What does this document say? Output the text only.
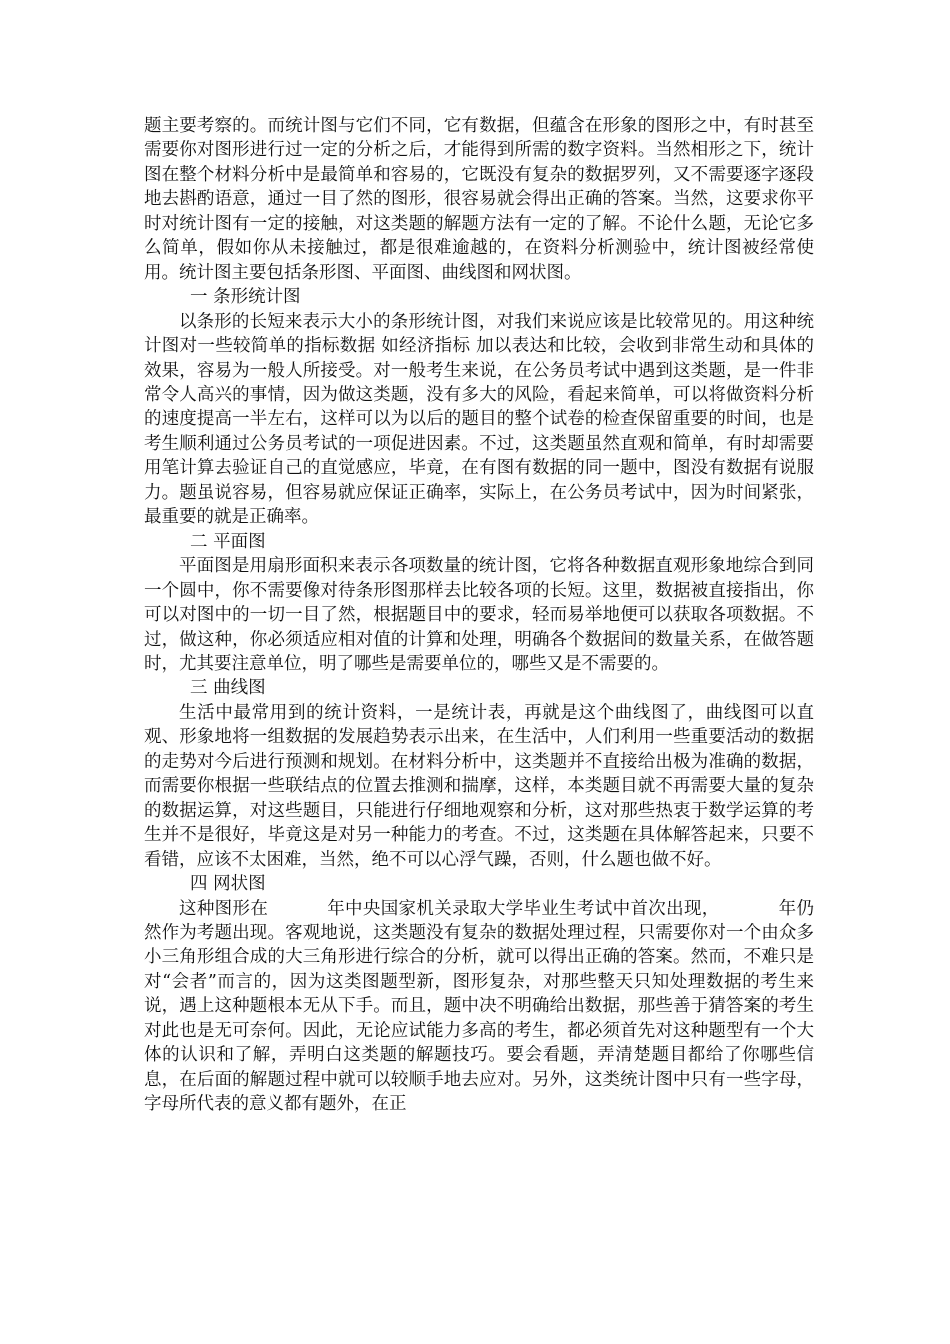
题主要考察的。而统计图与它们不同，它有数据，但蕴含在形象的图形之中，有时甚至需要你对图形进行过一定的分析之后，才能得到所需的数字资料。当然相形之下，统计图在整个材料分析中是最简单和容易的，它既没有复杂的数据罗列，又不需要逐字逐段地去斟酌语意，通过一目了然的图形，很容易就会得出正确的答案。当然，这要求你平时对统计图有一定的接触，对这类题的解题方法有一定的了解。不论什么题，无论它多么简单，假如你从未接触过，都是很难逾越的，在资料分析测验中，统计图被经常使用。统计图主要包括条形图、平面图、曲线图和网状图。

一 条形统计图

以条形的长短来表示大小的条形统计图，对我们来说应该是比较常见的。用这种统计图对一些较简单的指标数据 如经济指标 加以表达和比较，会收到非常生动和具体的效果，容易为一般人所接受。对一般考生来说，在公务员考试中遇到这类题，是一件非常令人高兴的事情，因为做这类题，没有多大的风险，看起来简单，可以将做资料分析的速度提高一半左右，这样可以为以后的题目的整个试卷的检查保留重要的时间，也是考生顺利通过公务员考试的一项促进因素。不过，这类题虽然直观和简单，有时却需要用笔计算去验证自己的直觉感应，毕竟，在有图有数据的同一题中，图没有数据有说服力。题虽说容易，但容易就应保证正确率，实际上，在公务员考试中，因为时间紧张，最重要的就是正确率。

二 平面图

平面图是用扇形面积来表示各项数量的统计图，它将各种数据直观形象地综合到同一个圆中，你不需要像对待条形图那样去比较各项的长短。这里，数据被直接指出，你可以对图中的一切一目了然，根据题目中的要求，轻而易举地便可以获取各项数据。不过，做这种，你必须适应相对值的计算和处理，明确各个数据间的数量关系，在做答题时，尤其要注意单位，明了哪些是需要单位的，哪些又是不需要的。

三 曲线图

生活中最常用到的统计资料，一是统计表，再就是这个曲线图了，曲线图可以直观、形象地将一组数据的发展趋势表示出来，在生活中，人们利用一些重要活动的数据的走势对今后进行预测和规划。在材料分析中，这类题并不直接给出极为准确的数据，而需要你根据一些联结点的位置去推测和揣摩，这样，本类题目就不再需要大量的复杂的数据运算，对这些题目，只能进行仔细地观察和分析，这对那些热衷于数学运算的考生并不是很好，毕竟这是对另一种能力的考查。不过，这类题在具体解答起来，只要不看错，应该不太困难，当然，绝不可以心浮气躁，否则，什么题也做不好。

四 网状图

这种图形在          年中央国家机关录取大学毕业生考试中首次出现，          年仍然作为考题出现。客观地说，这类题没有复杂的数据处理过程，只需要你对一个由众多小三角形组合成的大三角形进行综合的分析，就可以得出正确的答案。然而，不难只是对“会者”而言的，因为这类图题型新，图形复杂，对那些整天只知处理数据的考生来说，遇上这种题根本无从下手。而且，题中决不明确给出数据，那些善于猜答案的考生对此也是无可奈何。因此，无论应试能力多高的考生，都必须首先对这种题型有一个大体的认识和了解，弄明白这类题的解题技巧。要会看题，弄清楚题目都给了你哪些信息，在后面的解题过程中就可以较顺手地去应对。另外，这类统计图中只有一些字母，字母所代表的意义都有题外，在正
